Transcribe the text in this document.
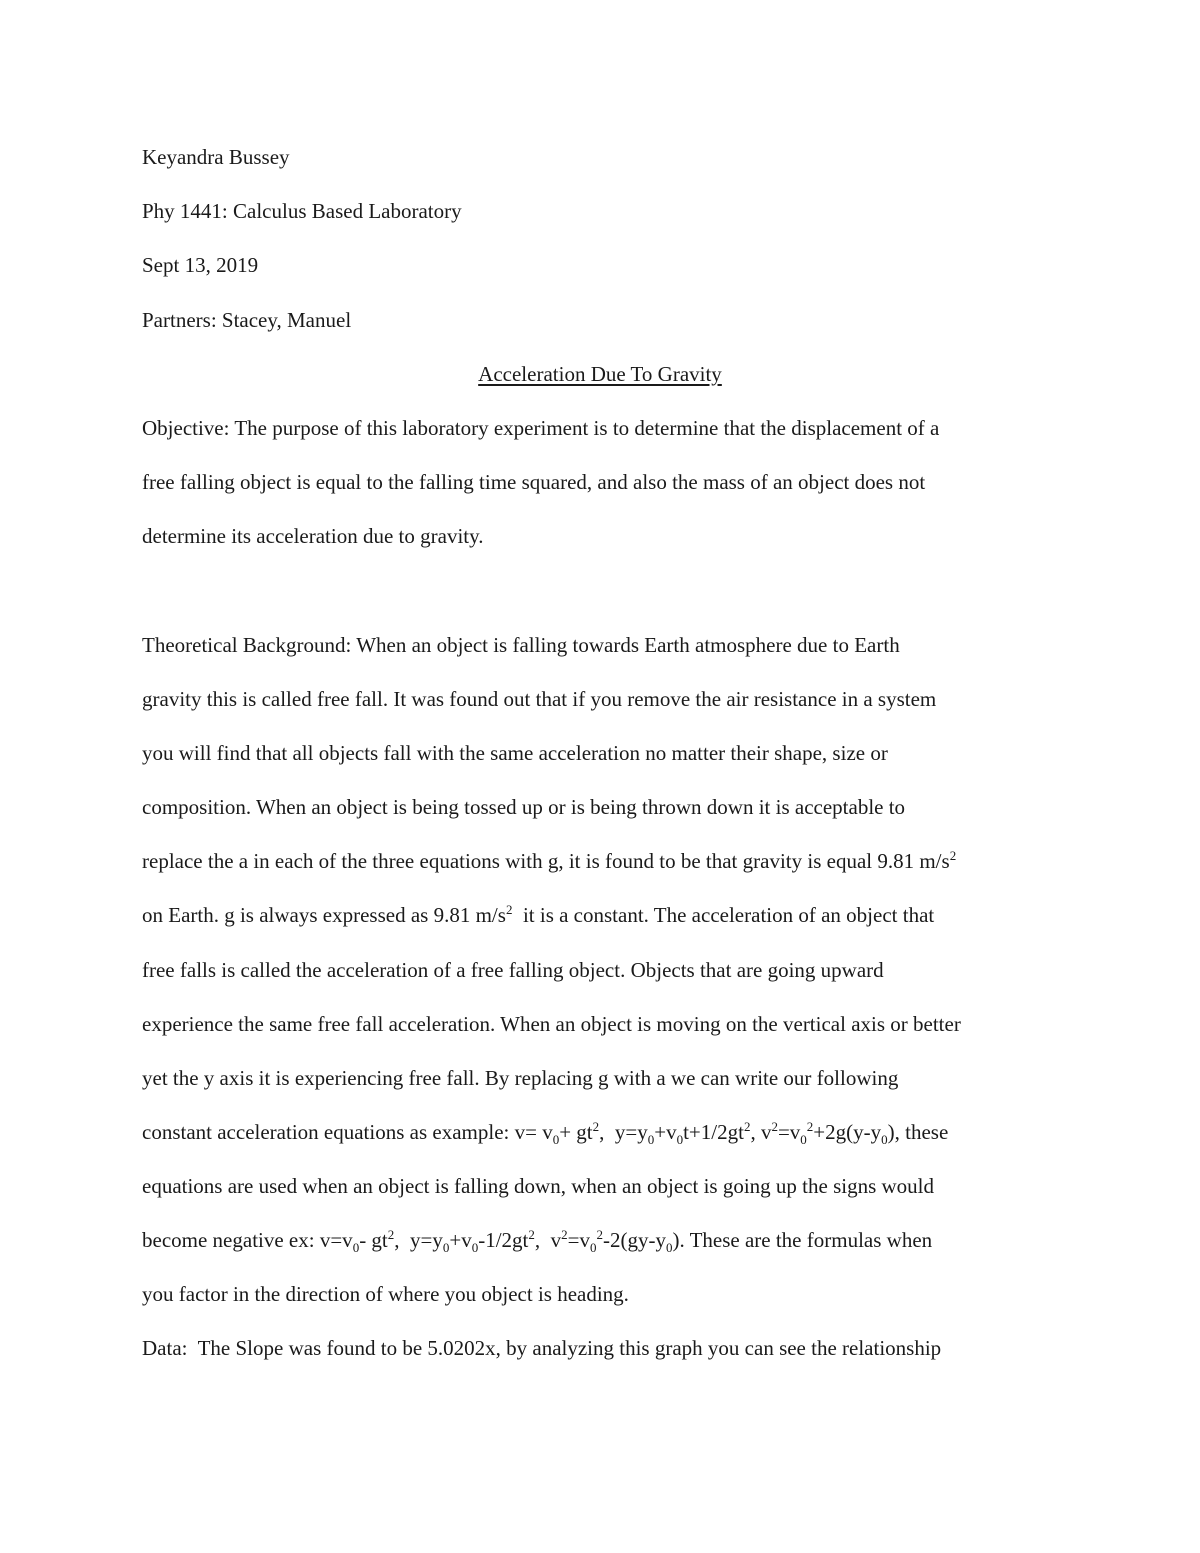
Keyandra Bussey
Phy 1441: Calculus Based Laboratory
Sept 13, 2019
Partners: Stacey, Manuel
Acceleration Due To Gravity
Objective: The purpose of this laboratory experiment is to determine that the displacement of a
free falling object is equal to the falling time squared, and also the mass of an object does not
determine its acceleration due to gravity.
Theoretical Background: When an object is falling towards Earth atmosphere due to Earth
gravity this is called free fall. It was found out that if you remove the air resistance in a system
you will find that all objects fall with the same acceleration no matter their shape, size or
composition. When an object is being tossed up or is being thrown down it is acceptable to
replace the a in each of the three equations with g, it is found to be that gravity is equal 9.81 $m/s^2$
on Earth. g is always expressed as 9.81 $m/s^2$  it is a constant. The acceleration of an object that
free falls is called the acceleration of a free falling object. Objects that are going upward
experience the same free fall acceleration. When an object is moving on the vertical axis or better
yet the y axis it is experiencing free fall. By replacing g with a we can write our following
constant acceleration equations as example: $v= v_0+ gt^2$,  $y=y_0+v_0t+1/2gt^2$, $v^2=v_0^2+2g(y-y_0)$, these
equations are used when an object is falling down, when an object is going up the signs would
become negative ex: $v=v_0-$ $gt^2$,  $y=y_0+v_0-1/2gt^2$,  $v^2=v_0^2-2(gy-y_0)$. These are the formulas when
you factor in the direction of where you object is heading.
Data:  The Slope was found to be 5.0202x, by analyzing this graph you can see the relationship
